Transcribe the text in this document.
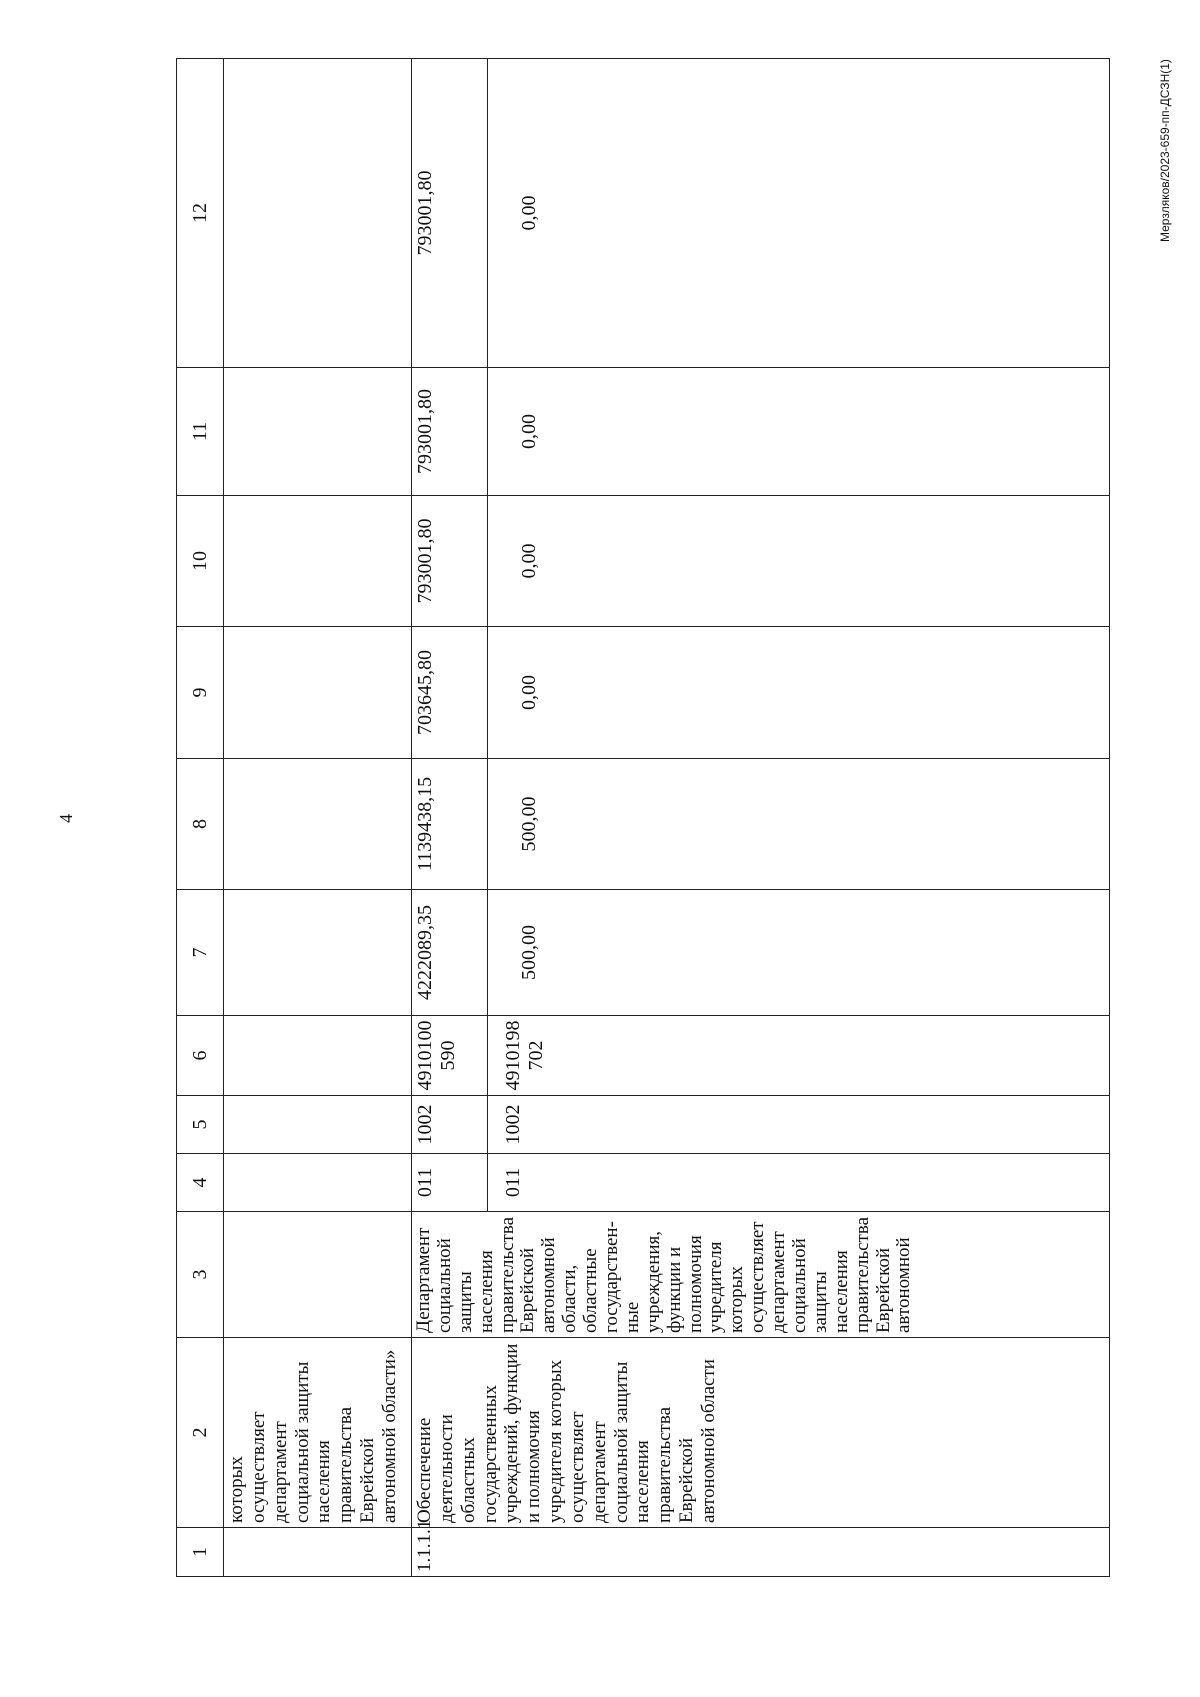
4
Мерзляков/2023-659-пп-ДСЗН(1)
1	2	3	4	5	6	7	8	9	10	11	12
	которых осуществляет департамент социальной защиты населения правительства Еврейской автономной области»										
1.1.1.1	Обеспечение деятельности областных государственных учреждений, функции и полномочия учредителя которых осуществляет департамент социальной защиты населения правительства Еврейской автономной области	Департамент социальной защиты населения правительства Еврейской автономной области, областные государствен-ные учреждения, функции и полномочия учредителя которых осуществляет департамент социальной защиты населения правительства Еврейской автономной	011	1002	4910100590	4222089,35	1139438,15	703645,80	793001,80	793001,80	793001,80
			011	1002	4910198702	500,00	500,00	0,00	0,00	0,00	0,00
